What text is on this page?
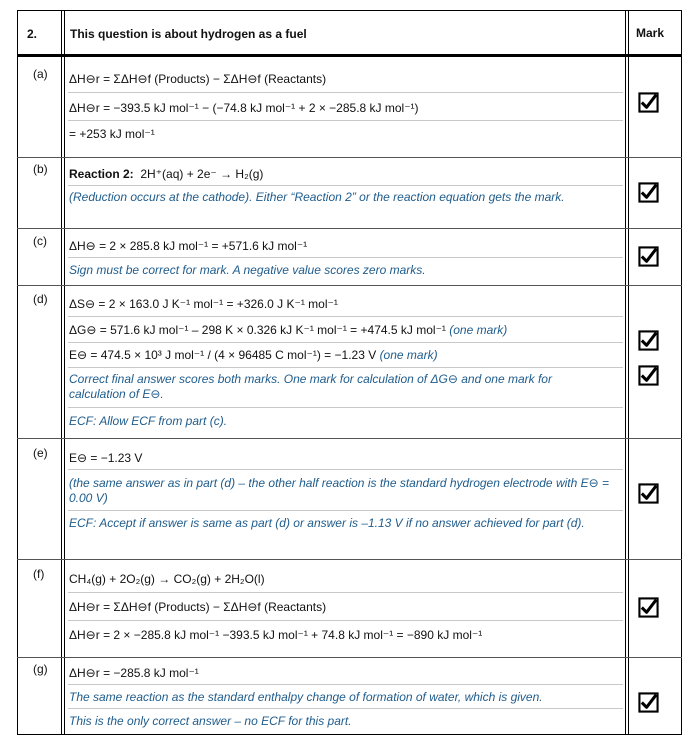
2.	This question is about hydrogen as a fuel	Mark
(a) ΔH⊖r = ΣΔH⊖f (Products) − ΣΔH⊖f (Reactants)
ΔH⊖r = −393.5 kJ mol⁻¹ − (−74.8 kJ mol⁻¹ + 2 × −285.8 kJ mol⁻¹)
= +253 kJ mol⁻¹
(b) Reaction 2: 2H⁺(aq) + 2e⁻ → H₂(g)
(Reduction occurs at the cathode). Either “Reaction 2” or the reaction equation gets the mark.
(c) ΔH⊖ = 2 × 285.8 kJ mol⁻¹ = +571.6 kJ mol⁻¹
Sign must be correct for mark. A negative value scores zero marks.
(d) ΔS⊖ = 2 × 163.0 J K⁻¹ mol⁻¹ = +326.0 J K⁻¹ mol⁻¹
ΔG⊖ = 571.6 kJ mol⁻¹ – 298 K × 0.326 kJ K⁻¹ mol⁻¹ = +474.5 kJ mol⁻¹ (one mark)
E⊖ = 474.5 × 10³ J mol⁻¹ / (4 × 96485 C mol⁻¹) = −1.23 V (one mark)
Correct final answer scores both marks. One mark for calculation of ΔG⊖ and one mark for calculation of E⊖.
ECF: Allow ECF from part (c).
(e) E⊖ = −1.23 V
(the same answer as in part (d) – the other half reaction is the standard hydrogen electrode with E⊖ = 0.00 V)
ECF: Accept if answer is same as part (d) or answer is –1.13 V if no answer achieved for part (d).
(f) CH₄(g) + 2O₂(g) → CO₂(g) + 2H₂O(l)
ΔH⊖r = ΣΔH⊖f (Products) − ΣΔH⊖f (Reactants)
ΔH⊖r = 2 × −285.8 kJ mol⁻¹ −393.5 kJ mol⁻¹ + 74.8 kJ mol⁻¹ = −890 kJ mol⁻¹
(g) ΔH⊖r = −285.8 kJ mol⁻¹
The same reaction as the standard enthalpy change of formation of water, which is given.
This is the only correct answer – no ECF for this part.
